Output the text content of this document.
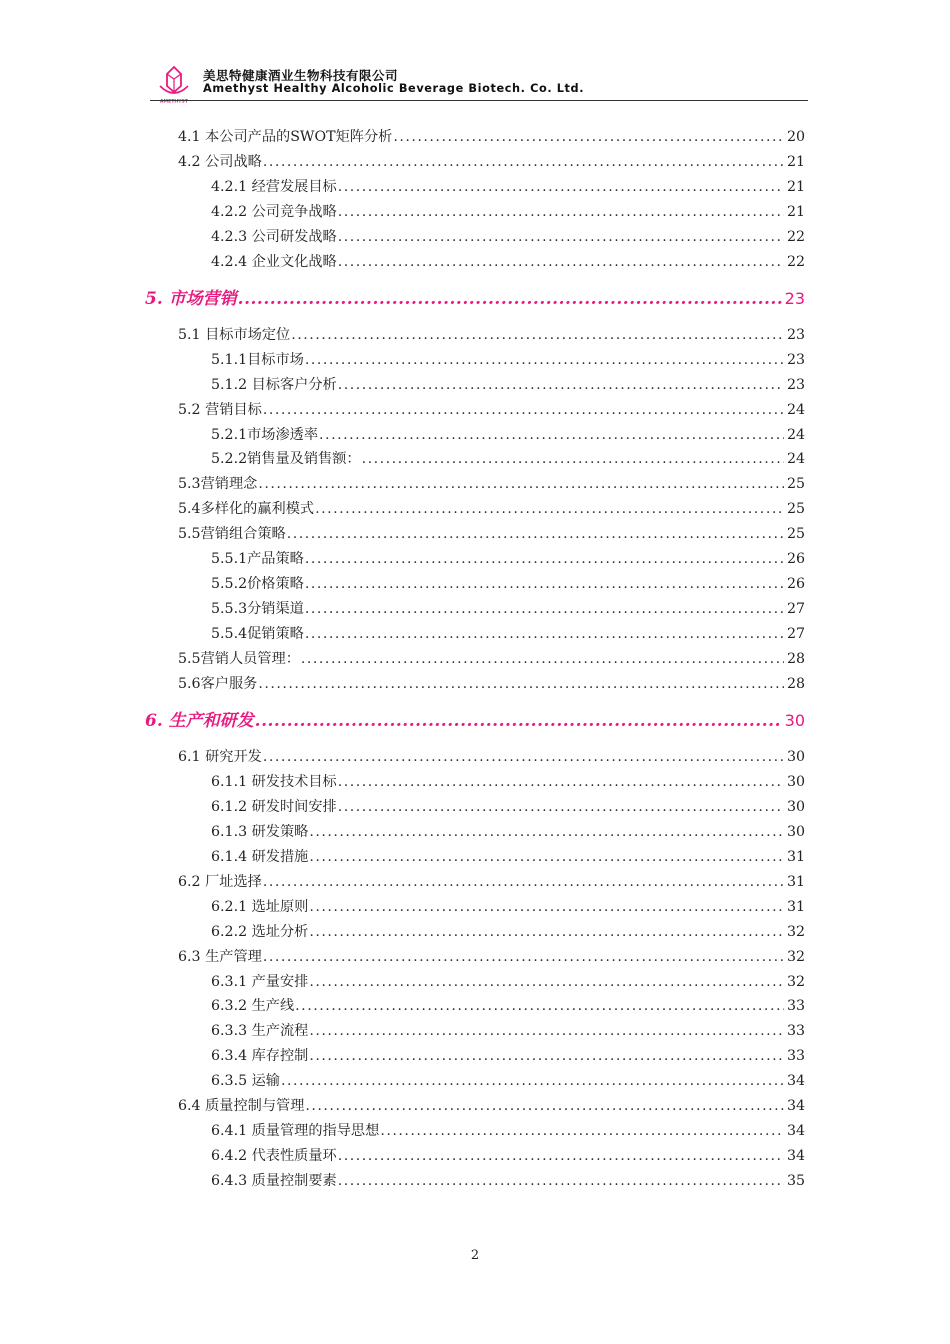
AMETHYST
美思特健康酒业生物科技有限公司
Amethyst Healthy Alcoholic Beverage Biotech. Co. Ltd.
4.1 本公司产品的SWOT矩阵分析 .....	20
4.2 公司战略 .....	21
4.2.1 经营发展目标 .....	21
4.2.2 公司竞争战略 .....	21
4.2.3 公司研发战略 .....	22
4.2.4 企业文化战略 .....	22
5. 市场营销 .....	23
5.1 目标市场定位 .....	23
5.1.1目标市场 .....	23
5.1.2 目标客户分析 .....	23
5.2 营销目标 .....	24
5.2.1市场渗透率 .....	24
5.2.2销售量及销售额： .....	24
5.3营销理念 .....	25
5.4多样化的赢利模式 .....	25
5.5营销组合策略 .....	25
5.5.1产品策略 .....	26
5.5.2价格策略 .....	26
5.5.3分销渠道 .....	27
5.5.4促销策略 .....	27
5.5营销人员管理： .....	28
5.6客户服务 .....	28
6. 生产和研发 .....	30
6.1 研究开发 .....	30
6.1.1 研发技术目标 .....	30
6.1.2 研发时间安排 .....	30
6.1.3 研发策略 .....	30
6.1.4 研发措施 .....	31
6.2 厂址选择 .....	31
6.2.1 选址原则 .....	31
6.2.2 选址分析 .....	32
6.3 生产管理 .....	32
6.3.1 产量安排 .....	32
6.3.2 生产线 .....	33
6.3.3 生产流程 .....	33
6.3.4 库存控制 .....	33
6.3.5 运输 .....	34
6.4 质量控制与管理 .....	34
6.4.1 质量管理的指导思想 .....	34
6.4.2 代表性质量环 .....	34
6.4.3 质量控制要素 .....	35
2
